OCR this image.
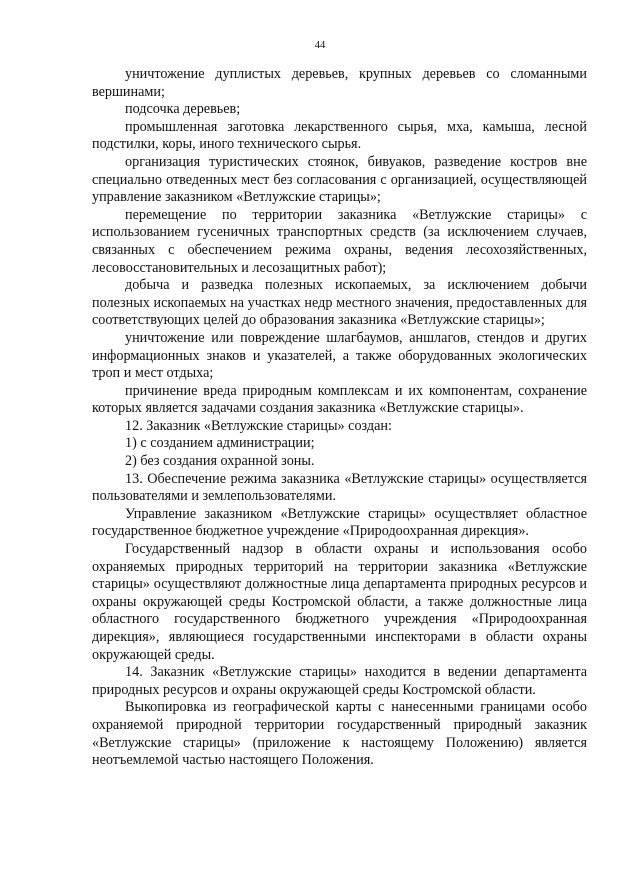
44

уничтожение дуплистых деревьев, крупных деревьев со сломанными вершинами;

подсочка деревьев;

промышленная заготовка лекарственного сырья, мха, камыша, лесной подстилки, коры, иного технического сырья.

организация туристических стоянок, бивуаков, разведение костров вне специально отведенных мест без согласования с организацией, осуществляющей управление заказником «Ветлужские старицы»;

перемещение по территории заказника «Ветлужские старицы» с использованием гусеничных транспортных средств (за исключением случаев, связанных с обеспечением режима охраны, ведения лесохозяйственных, лесовосстановительных и лесозащитных работ);

добыча и разведка полезных ископаемых, за исключением добычи полезных ископаемых на участках недр местного значения, предоставленных для соответствующих целей до образования заказника «Ветлужские старицы»;

уничтожение или повреждение шлагбаумов, аншлагов, стендов и других информационных знаков и указателей, а также оборудованных экологических троп и мест отдыха;

причинение вреда природным комплексам и их компонентам, сохранение которых является задачами создания заказника «Ветлужские старицы».

12. Заказник «Ветлужские старицы» создан:

1) с созданием администрации;

2) без создания охранной зоны.

13. Обеспечение режима заказника «Ветлужские старицы» осуществляется пользователями и землепользователями.

Управление заказником «Ветлужские старицы» осуществляет областное государственное бюджетное учреждение «Природоохранная дирекция».

Государственный надзор в области охраны и использования особо охраняемых природных территорий на территории заказника «Ветлужские старицы» осуществляют должностные лица департамента природных ресурсов и охраны окружающей среды Костромской области, а также должностные лица областного государственного бюджетного учреждения «Природоохранная дирекция», являющиеся государственными инспекторами в области охраны окружающей среды.

14. Заказник «Ветлужские старицы» находится в ведении департамента природных ресурсов и охраны окружающей среды Костромской области.

Выкопировка из географической карты с нанесенными границами особо охраняемой природной территории государственный природный заказник «Ветлужские старицы» (приложение к настоящему Положению) является неотъемлемой частью настоящего Положения.
